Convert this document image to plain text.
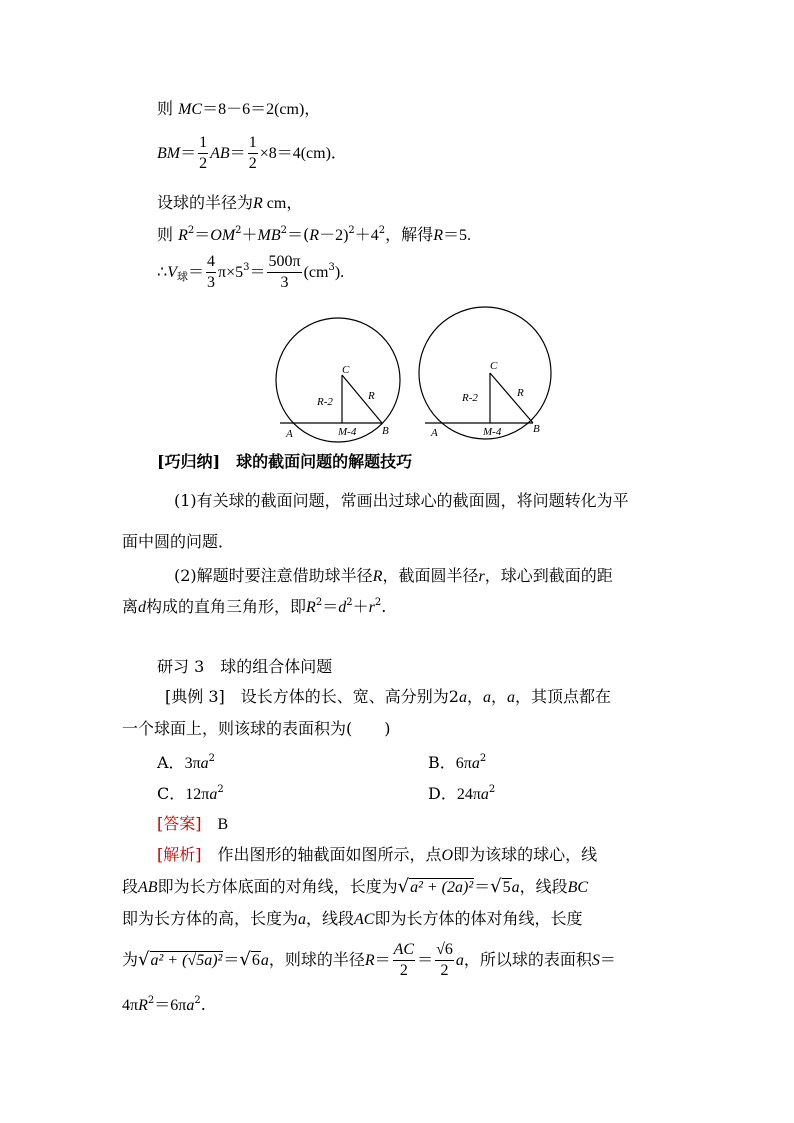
则 MC＝8－6＝2(cm)，
$BM= \frac{1}{2} AB= \frac{1}{2} \times 8=4(cm)$．
设球的半径为R cm，
则 $R^2=OM^2+MB^2=(R-2)^2+4^2$，解得R＝5.
$\therefore V_球= \frac{4}{3} \pi\times 5^3= \frac{500\pi}{3} (cm^3)$.
C
R
R-2
A	B
M-4
C
R
R-2
A	B
M-4
[巧归纳]　 球的截面问题的解题技巧
(1)有关球的截面问题，常画出过球心的截面圆，将问题转化为平
面中圆的问题．
(2)解题时要注意借助球半径R，截面圆半径r，球心到截面的距
离d构成的直角三角形，即$R^2=d^2+r^2$.
研习 3　球的组合体问题
[典例 3]　设长方体的长、宽、高分别为2a，a，a，其顶点都在
一个球面上，则该球的表面积为(　　)
A．$3\pi a^2$	B．$6\pi a^2$
C．$12\pi a^2$	D．$24\pi a^2$
[答案]　 B
[解析]　作出图形的轴截面如图所示，点O即为该球的球心，线
段AB即为长方体底面的对角线，长度为√a² + (2a)²＝√5a，线段BC
即为长方体的高，长度为a，线段AC即为长方体的体对角线，长度
为√a² + (√5a)²＝√6a，则球的半径$R= \frac{AC}{2} = \frac{√6}{2}$ a，所以球的表面积S＝
$4\pi R^2=6\pi a^2$.
